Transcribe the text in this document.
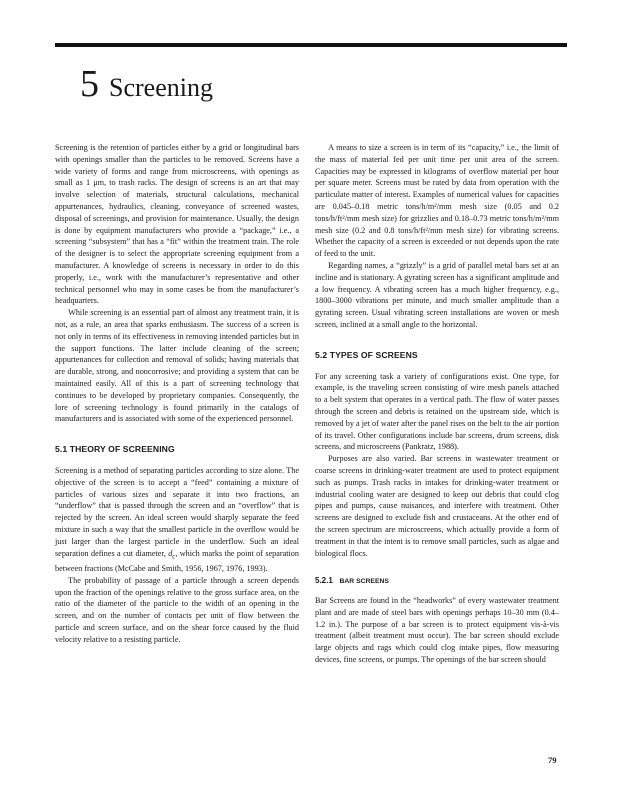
5 Screening

Screening is the retention of particles either by a grid or longitudinal bars with openings smaller than the particles to be removed. Screens have a wide variety of forms and range from microscreens, with openings as small as 1 μm, to trash racks. The design of screens is an art that may involve selection of materials, structural calculations, mechanical appurtenances, hydraulics, cleaning, conveyance of screened wastes, disposal of screenings, and provision for maintenance. Usually, the design is done by equipment manufacturers who provide a “package,” i.e., a screening “subsystem” that has a “fit” within the treatment train. The role of the designer is to select the appropriate screening equipment from a manufacturer. A knowledge of screens is necessary in order to do this properly, i.e., work with the manufacturer’s representative and other technical personnel who may in some cases be from the manufacturer’s headquarters.

While screening is an essential part of almost any treatment train, it is not, as a rule, an area that sparks enthusiasm. The success of a screen is not only in terms of its effectiveness in removing intended particles but in the support functions. The latter include cleaning of the screen; appurtenances for collection and removal of solids; having materials that are durable, strong, and noncorrosive; and providing a system that can be maintained easily. All of this is a part of screening technology that continues to be developed by proprietary companies. Consequently, the lore of screening technology is found primarily in the catalogs of manufacturers and is associated with some of the experienced personnel.

5.1 THEORY OF SCREENING

Screening is a method of separating particles according to size alone. The objective of the screen is to accept a “feed” containing a mixture of particles of various sizes and separate it into two fractions, an “underflow” that is passed through the screen and an “overflow” that is rejected by the screen. An ideal screen would sharply separate the feed mixture in such a way that the smallest particle in the overflow would be just larger than the largest particle in the underflow. Such an ideal separation defines a cut diameter, $d_c$, which marks the point of separation between fractions (McCabe and Smith, 1956, 1967, 1976, 1993).

The probability of passage of a particle through a screen depends upon the fraction of the openings relative to the gross surface area, on the ratio of the diameter of the particle to the width of an opening in the screen, and on the number of contacts per unit of flow between the particle and screen surface, and on the shear force caused by the fluid velocity relative to a resisting particle.

A means to size a screen is in term of its “capacity,” i.e., the limit of the mass of material fed per unit time per unit area of the screen. Capacities may be expressed in kilograms of overflow material per hour per square meter. Screens must be rated by data from operation with the particulate matter of interest. Examples of numerical values for capacities are 0.045–0.18 metric tons/h/m²/mm mesh size (0.05 and 0.2 tons/h/ft²/mm mesh size) for grizzlies and 0.18–0.73 metric tons/h/m²/mm mesh size (0.2 and 0.8 tons/h/ft²/mm mesh size) for vibrating screens. Whether the capacity of a screen is exceeded or not depends upon the rate of feed to the unit.

Regarding names, a “grizzly” is a grid of parallel metal bars set at an incline and is stationary. A gyrating screen has a significant amplitude and a low frequency. A vibrating screen has a much higher frequency, e.g., 1800–3000 vibrations per minute, and much smaller amplitude than a gyrating screen. Usual vibrating screen installations are woven or mesh screen, inclined at a small angle to the horizontal.

5.2 TYPES OF SCREENS

For any screening task a variety of configurations exist. One type, for example, is the traveling screen consisting of wire mesh panels attached to a belt system that operates in a vertical path. The flow of water passes through the screen and debris is retained on the upstream side, which is removed by a jet of water after the panel rises on the belt to the air portion of its travel. Other configurations include bar screens, drum screens, disk screens, and microscreens (Pankratz, 1988).

Purposes are also varied. Bar screens in wastewater treatment or coarse screens in drinking-water treatment are used to protect equipment such as pumps. Trash racks in intakes for drinking-water treatment or industrial cooling water are designed to keep out debris that could clog pipes and pumps, cause nuisances, and interfere with treatment. Other screens are designed to exclude fish and crustaceans. At the other end of the screen spectrum are microscreens, which actually provide a form of treatment in that the intent is to remove small particles, such as algae and biological flocs.

5.2.1 BAR SCREENS

Bar Screens are found in the “headworks” of every wastewater treatment plant and are made of steel bars with openings perhaps 10–30 mm (0.4–1.2 in.). The purpose of a bar screen is to protect equipment vis-à-vis treatment (albeit treatment must occur). The bar screen should exclude large objects and rags which could clog intake pipes, flow measuring devices, fine screens, or pumps. The openings of the bar screen should

79
